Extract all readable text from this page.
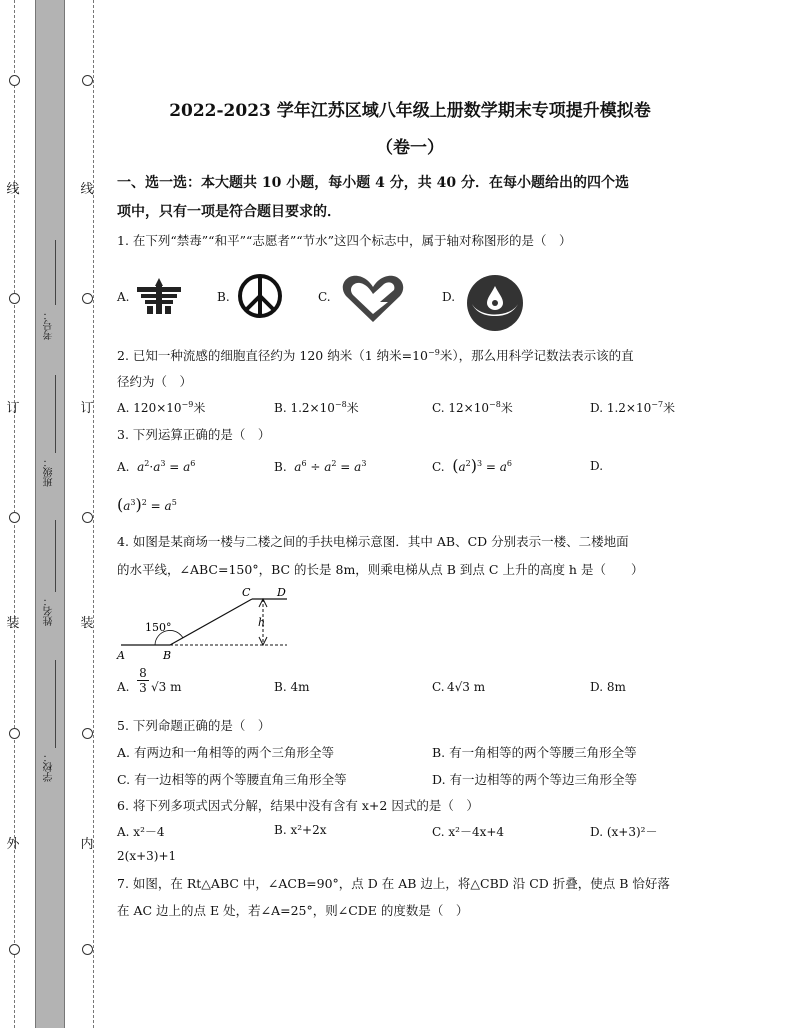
线
订
装
外
线
订
装
内
考号：
班级：
姓名：
学校：
2022-2023 学年江苏区域八年级上册数学期末专项提升模拟卷
（卷一）
一、选一选：本大题共 10 小题，每小题 4 分，共 40 分．在每小题给出的四个选
项中，只有一项是符合题目要求的．
1. 在下列“禁毒”“和平”“志愿者”“节水”这四个标志中，属于轴对称图形的是（　）
A.	B.	C.	D.
2. 已知一种流感的细胞直径约为 120 纳米（1 纳米$=10^{-9}$米），那么用科学记数法表示该的直
径约为（　）
A. $120\times 10^{-9}$米	B. $1.2\times 10^{-8}$米	C. $12\times 10^{-8}$米	D. $1.2\times 10^{-7}$米
3. 下列运算正确的是（　）
A. $a^2\cdot a^3 = a^6$	B. $a^6 \div a^2 = a^3$	C. $(a^2)^3 = a^6$	D.
$(a^3)^2 = a^5$
4. 如图是某商场一楼与二楼之间的手扶电梯示意图．其中 AB、CD 分别表示一楼、二楼地面
的水平线，∠ABC=150°，BC 的长是 8m，则乘电梯从点 B 到点 C 上升的高度 h 是（　　）
150°
A	B
C D
h
A. $\frac{8}{3} √3$ m	B. 4m	C. 4√3 m	D. 8m
5. 下列命题正确的是（　）
A. 有两边和一角相等的两个三角形全等	B. 有一角相等的两个等腰三角形全等
C. 有一边相等的两个等腰直角三角形全等	D. 有一边相等的两个等边三角形全等
6. 将下列多项式因式分解，结果中没有含有 x+2 因式的是（　）
A. x²－4	B. x²+2x	C. x²－4x+4	D. (x+3)²－
2(x+3)+1
7. 如图，在 Rt△ABC 中，∠ACB=90°，点 D 在 AB 边上，将△CBD 沿 CD 折叠，使点 B 恰好落
在 AC 边上的点 E 处，若∠A=25°，则∠CDE 的度数是（　）
